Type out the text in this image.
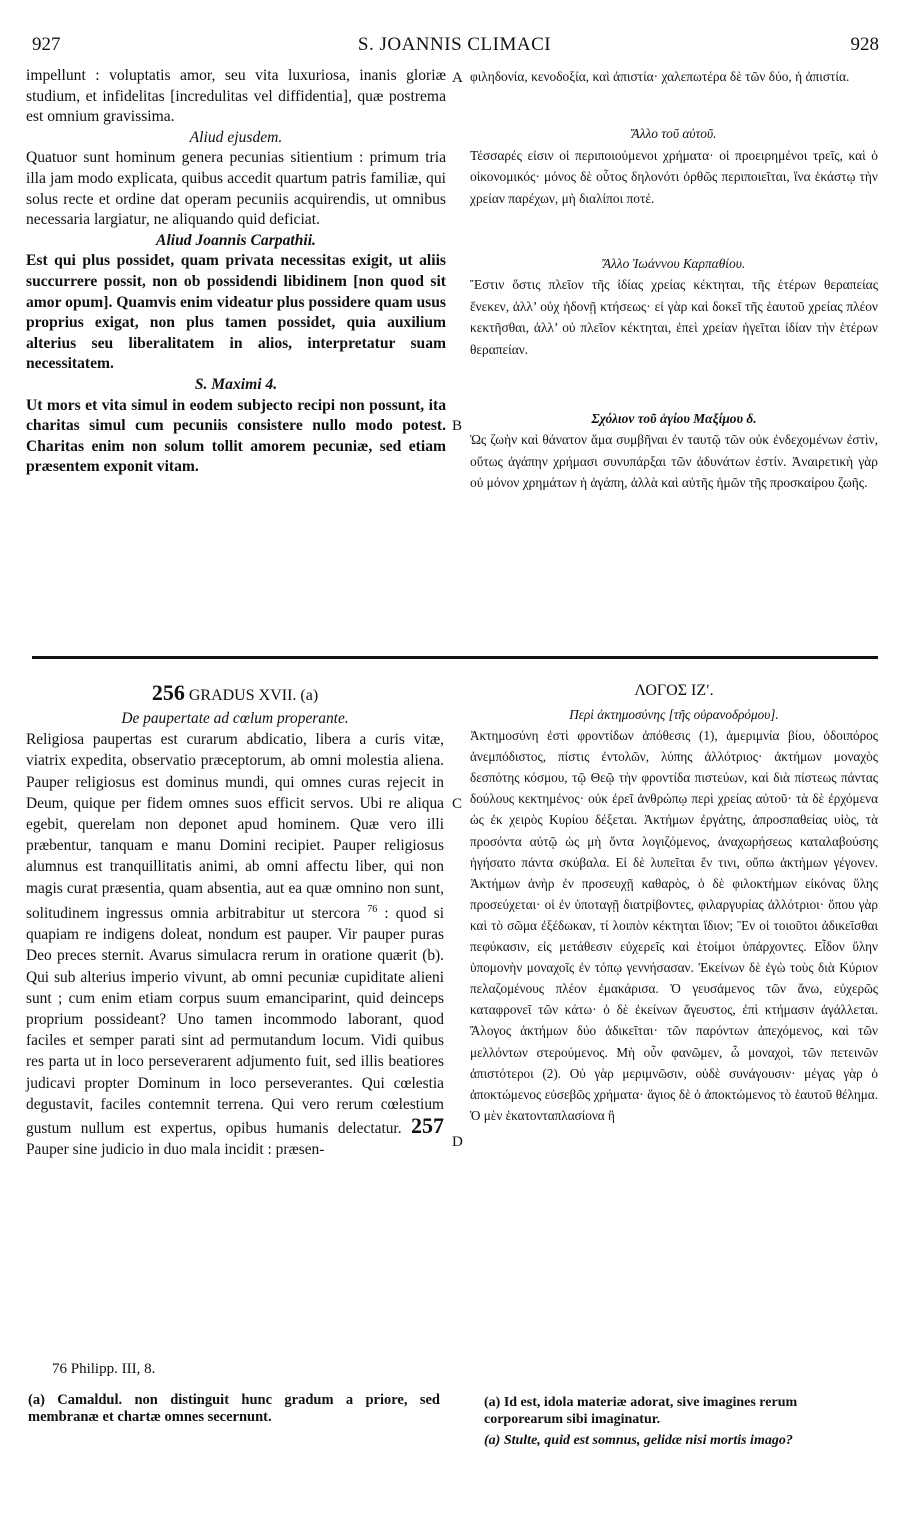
927	S. JOANNIS CLIMACI	928

impellunt : voluptatis amor, seu vita luxuriosa, inanis gloriæ studium, et infidelitas [incredulitas vel diffidentia], quæ postrema est omnium gravissima.

Aliud ejusdem.

Quatuor sunt hominum genera pecunias sitientium : primum tria illa jam modo explicata, quibus accedit quartum patris familiæ, qui solus recte et ordine dat operam pecuniis acquirendis, ut omnibus necessaria largiatur, ne aliquando quid deficiat.

Aliud Joannis Carpathii.

Est qui plus possidet, quam privata necessitas exigit, ut aliis succurrere possit, non ob possidendi libidinem [non quod sit amor opum]. Quamvis enim videatur plus possidere quam usus proprius exigat, non plus tamen possidet, quia auxilium alterius seu liberalitatem in alios, interpretatur suam necessitatem.

S. Maximi 4.

Ut mors et vita simul in eodem subjecto recipi non possunt, ita charitas simul cum pecuniis consistere nullo modo potest. Charitas enim non solum tollit amorem pecuniæ, sed etiam præsentem exponit vitam.

φιληδονία, κενοδοξία, καὶ ἀπιστία· χαλεπωτέρα δὲ τῶν δύο, ἡ ἀπιστία.

Ἄλλο τοῦ αὐτοῦ.

Τέσσαρές εἰσιν οἱ περιποιούμενοι χρήματα· οἱ προειρημένοι τρεῖς, καὶ ὁ οἰκονομικός· μόνος δὲ οὗτος δηλονότι ὀρθῶς περιποιεῖται, ἵνα ἑκάστῳ τὴν χρείαν παρέχων, μὴ διαλίποι ποτέ.

Ἄλλο Ἰωάννου Καρπαθίου.

Ἔστιν ὅστις πλεῖον τῆς ἰδίας χρείας κέκτηται, τῆς ἑτέρων θεραπείας ἕνεκεν, ἀλλ’ οὐχ ἡδονῇ κτήσεως· εἰ γὰρ καὶ δοκεῖ τῆς ἑαυτοῦ χρείας πλέον κεκτῆσθαι, ἀλλ’ οὐ πλεῖον κέκτηται, ἐπεὶ χρείαν ἡγεῖται ἰδίαν τὴν ἑτέρων θεραπείαν.

Σχόλιον τοῦ ἁγίου Μαξίμου δ.

Ὡς ζωὴν καὶ θάνατον ἅμα συμβῆναι ἐν ταυτῷ τῶν οὐκ ἐνδεχομένων ἐστὶν, οὕτως ἀγάπην χρήμασι συνυπάρξαι τῶν ἀδυνάτων ἐστίν. Ἀναιρετικὴ γὰρ οὐ μόνον χρημάτων ἡ ἀγάπη, ἀλλὰ καὶ αὐτῆς ἡμῶν τῆς προσκαίρου ζωῆς.

A
B
C
D
256 GRADUS XVII. (a)

De paupertate ad cœlum properante.

Religiosa paupertas est curarum abdicatio, libera a curis vitæ, viatrix expedita, observatio præceptorum, ab omni molestia aliena. Pauper religiosus est dominus mundi, qui omnes curas rejecit in Deum, quique per fidem omnes suos efficit servos. Ubi re aliqua egebit, querelam non deponet apud hominem. Quæ vero illi præbentur, tanquam e manu Domini recipiet. Pauper religiosus alumnus est tranquillitatis animi, ab omni affectu liber, qui non magis curat præsentia, quam absentia, aut ea quæ omnino non sunt, solitudinem ingressus omnia arbitrabitur ut stercora $^{76}$ : quod si quapiam re indigens doleat, nondum est pauper. Vir pauper puras Deo preces sternit. Avarus simulacra rerum in oratione quærit (b). Qui sub alterius imperio vivunt, ab omni pecuniæ cupiditate alieni sunt ; cum enim etiam corpus suum emanciparint, quid deinceps proprium possideant? Uno tamen incommodo laborant, quod faciles et semper parati sint ad permutandum locum. Vidi quibus res parta ut in loco perseverarent adjumento fuit, sed illis beatiores judicavi propter Dominum in loco perseverantes. Qui cœlestia degustavit, faciles contemnit terrena. Qui vero rerum cœlestium gustum nullum est expertus, opibus humanis delectatur. 257 Pauper sine judicio in duo mala incidit : præsen-

ΛΟΓΟΣ ΙΖʹ.

Περὶ ἀκτημοσύνης [τῆς οὐρανοδρόμου].

Ἀκτημοσύνη ἐστὶ φροντίδων ἀπόθεσις (1), ἀμεριμνία βίου, ὁδοιπόρος ἀνεμπόδιστος, πίστις ἐντολῶν, λύπης ἀλλότριος· ἀκτήμων μοναχὸς δεσπότης κόσμου, τῷ Θεῷ τὴν φροντίδα πιστεύων, καὶ διὰ πίστεως πάντας δούλους κεκτημένος· οὐκ ἐρεῖ ἀνθρώπῳ περὶ χρείας αὐτοῦ· τὰ δὲ ἐρχόμενα ὡς ἐκ χειρὸς Κυρίου δέξεται. Ἀκτήμων ἐργάτης, ἀπροσπαθείας υἱὸς, τὰ προσόντα αὐτῷ ὡς μὴ ὄντα λογιζόμενος, ἀναχωρήσεως καταλαβούσης ἡγήσατο πάντα σκύβαλα. Εἰ δὲ λυπεῖται ἔν τινι, οὔπω ἀκτήμων γέγονεν. Ἀκτήμων ἀνὴρ ἐν προσευχῇ καθαρὸς, ὁ δὲ φιλοκτήμων εἰκόνας ὕλης προσεύχεται· οἱ ἐν ὑποταγῇ διατρίβοντες, φιλαργυρίας ἀλλότριοι· ὅπου γὰρ καὶ τὸ σῶμα ἐξέδωκαν, τί λοιπὸν κέκτηται ἴδιον; Ἓν οἱ τοιοῦτοι ἀδικεῖσθαι πεφύκασιν, εἰς μετάθεσιν εὐχερεῖς καὶ ἑτοίμοι ὑπάρχοντες. Εἶδον ὕλην ὑπομονὴν μοναχοῖς ἐν τόπῳ γεννήσασαν. Ἐκείνων δὲ ἐγὼ τοὺς διὰ Κύριον πελαζομένους πλέον ἐμακάρισα. Ὁ γευσάμενος τῶν ἄνω, εὐχερῶς καταφρονεῖ τῶν κάτω· ὁ δὲ ἐκείνων ἄγευστος, ἐπὶ κτήμασιν ἀγάλλεται. Ἄλογος ἀκτήμων δύο ἀδικεῖται· τῶν παρόντων ἀπεχόμενος, καὶ τῶν μελλόντων στερούμενος. Μὴ οὖν φανῶμεν, ὦ μοναχοὶ, τῶν πετεινῶν ἀπιστότεροι (2). Οὐ γὰρ μεριμνῶσιν, οὐδὲ συνάγουσιν· μέγας γὰρ ὁ ἀποκτώμενος εὐσεβῶς χρήματα· ἅγιος δὲ ὁ ἀποκτώμενος τὸ ἑαυτοῦ θέλημα. Ὁ μὲν ἑκατονταπλασίονα ἢ

76 Philipp. III, 8.
(a) Camaldul. non distinguit hunc gradum a priore, sed membranæ et chartæ omnes secernunt.
(a) Id est, idola materiæ adorat, sive imagines rerum corporearum sibi imaginatur.
(a) Stulte, quid est somnus, gelidæ nisi mortis imago?
